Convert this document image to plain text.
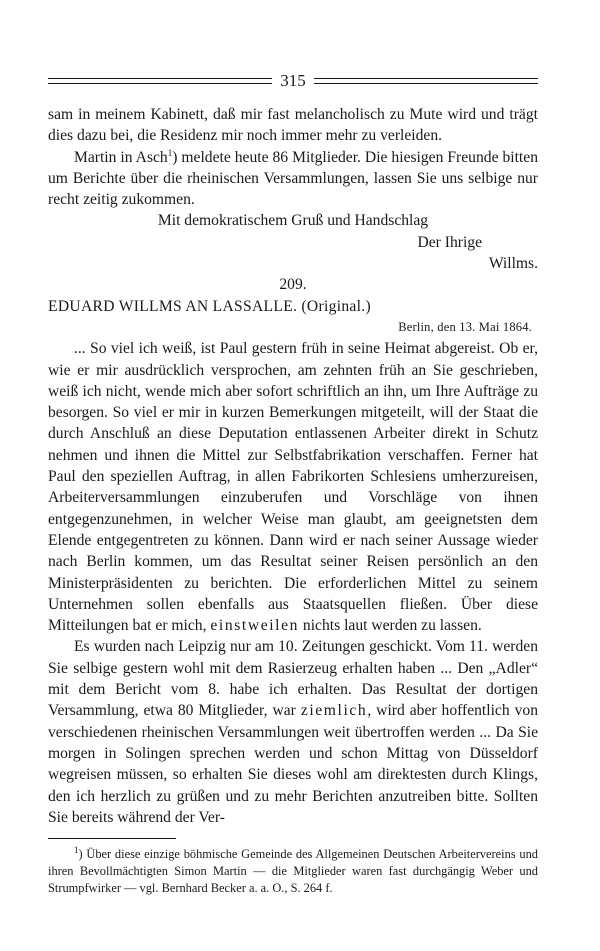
315

sam in meinem Kabinett, daß mir fast melancholisch zu Mute wird und trägt dies dazu bei, die Residenz mir noch immer mehr zu verleiden.

Martin in Asch$^1$) meldete heute 86 Mitglieder. Die hiesigen Freunde bitten um Berichte über die rheinischen Versammlungen, lassen Sie uns selbige nur recht zeitig zukommen.

Mit demokratischem Gruß und Handschlag

Der Ihrige

Willms.

209.

EDUARD WILLMS AN LASSALLE. (Original.)

Berlin, den 13. Mai 1864.

... So viel ich weiß, ist Paul gestern früh in seine Heimat abgereist. Ob er, wie er mir ausdrücklich versprochen, am zehnten früh an Sie geschrieben, weiß ich nicht, wende mich aber sofort schriftlich an ihn, um Ihre Aufträge zu besorgen. So viel er mir in kurzen Bemerkungen mitgeteilt, will der Staat die durch Anschluß an diese Deputation entlassenen Arbeiter direkt in Schutz nehmen und ihnen die Mittel zur Selbstfabrikation verschaffen. Ferner hat Paul den speziellen Auftrag, in allen Fabrikorten Schlesiens umherzureisen, Arbeiterversammlungen einzuberufen und Vorschläge von ihnen entgegenzunehmen, in welcher Weise man glaubt, am geeignetsten dem Elende entgegentreten zu können. Dann wird er nach seiner Aussage wieder nach Berlin kommen, um das Resultat seiner Reisen persönlich an den Ministerpräsidenten zu berichten. Die erforderlichen Mittel zu seinem Unternehmen sollen ebenfalls aus Staatsquellen fließen. Über diese Mitteilungen bat er mich, einstweilen nichts laut werden zu lassen.

Es wurden nach Leipzig nur am 10. Zeitungen geschickt. Vom 11. werden Sie selbige gestern wohl mit dem Rasierzeug erhalten haben ... Den „Adler“ mit dem Bericht vom 8. habe ich erhalten. Das Resultat der dortigen Versammlung, etwa 80 Mitglieder, war ziemlich, wird aber hoffentlich von verschiedenen rheinischen Versammlungen weit übertroffen werden ... Da Sie morgen in Solingen sprechen werden und schon Mittag von Düsseldorf wegreisen müssen, so erhalten Sie dieses wohl am direktesten durch Klings, den ich herzlich zu grüßen und zu mehr Berichten anzutreiben bitte. Sollten Sie bereits während der Ver-

$^1$) Über diese einzige böhmische Gemeinde des Allgemeinen Deutschen Arbeitervereins und ihren Bevollmächtigten Simon Martin — die Mitglieder waren fast durchgängig Weber und Strumpfwirker — vgl. Bernhard Becker a. a. O., S. 264 f.
